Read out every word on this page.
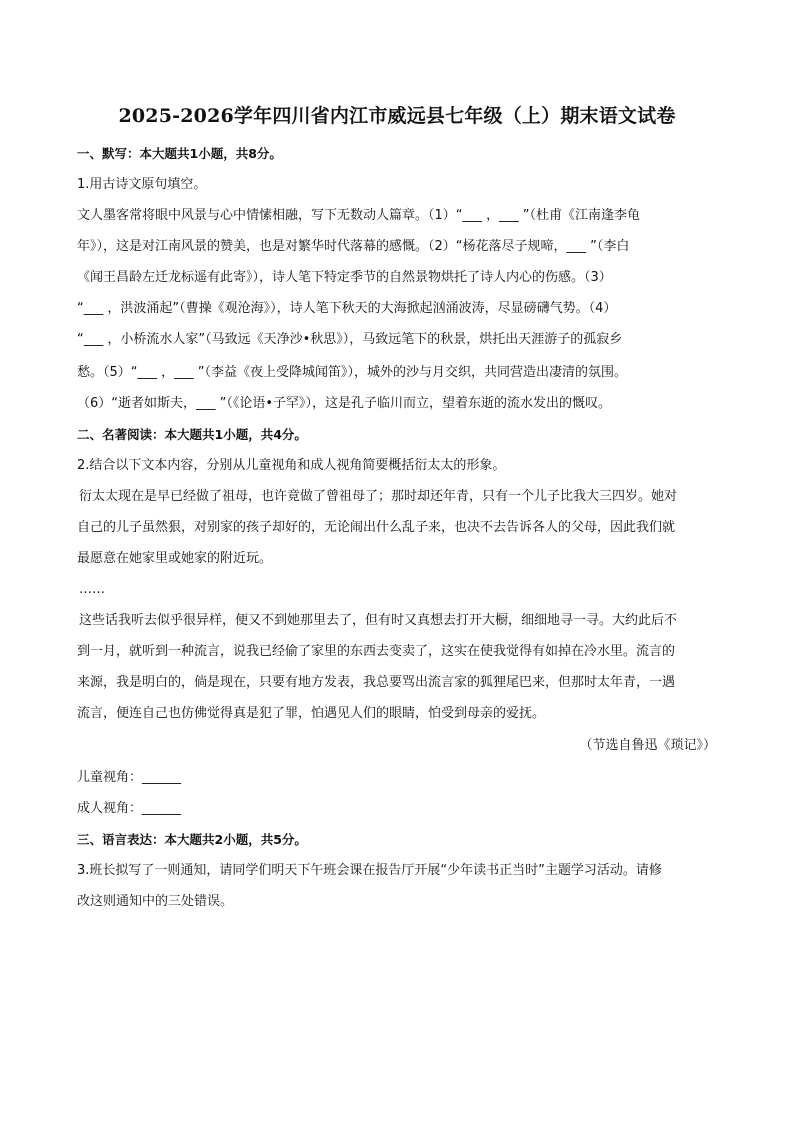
2025-2026学年四川省内江市威远县七年级（上）期末语文试卷
一、默写：本大题共1小题，共8分。
1.用古诗文原句填空。
文人墨客常将眼中风景与心中情愫相融，写下无数动人篇章。（1）“___ ，___ ”（杜甫《江南逢李龟
年》），这是对江南风景的赞美，也是对繁华时代落幕的感慨。（2）“杨花落尽子规啼，___ ”（李白
《闻王昌龄左迁龙标遥有此寄》），诗人笔下特定季节的自然景物烘托了诗人内心的伤感。（3）
“___ ，洪波涌起”（曹操《观沧海》），诗人笔下秋天的大海掀起汹涌波涛，尽显磅礴气势。（4）
“___ ，小桥流水人家”（马致远《天净沙•秋思》），马致远笔下的秋景，烘托出天涯游子的孤寂乡
愁。（5）“___ ，___ ”（李益《夜上受降城闻笛》），城外的沙与月交织，共同营造出凄清的氛围。
（6）“逝者如斯夫，___ ”（《论语•子罕》），这是孔子临川而立，望着东逝的流水发出的慨叹。
二、名著阅读：本大题共1小题，共4分。
2.结合以下文本内容，分别从儿童视角和成人视角简要概括衍太太的形象。
衍太太现在是早已经做了祖母，也许竟做了曾祖母了；那时却还年青，只有一个儿子比我大三四岁。她对
自己的儿子虽然狠，对别家的孩子却好的，无论闹出什么乱子来，也决不去告诉各人的父母，因此我们就
最愿意在她家里或她家的附近玩。
……
这些话我听去似乎很异样，便又不到她那里去了，但有时又真想去打开大橱，细细地寻一寻。大约此后不
到一月，就听到一种流言，说我已经偷了家里的东西去变卖了，这实在使我觉得有如掉在冷水里。流言的
来源，我是明白的，倘是现在，只要有地方发表，我总要骂出流言家的狐狸尾巴来，但那时太年青，一遇
流言，便连自己也仿佛觉得真是犯了罪，怕遇见人们的眼睛，怕受到母亲的爱抚。
（节选自鲁迅《琐记》）
儿童视角：______
成人视角：______
三、语言表达：本大题共2小题，共5分。
3.班长拟写了一则通知，请同学们明天下午班会课在报告厅开展“少年读书正当时”主题学习活动。请修
改这则通知中的三处错误。
